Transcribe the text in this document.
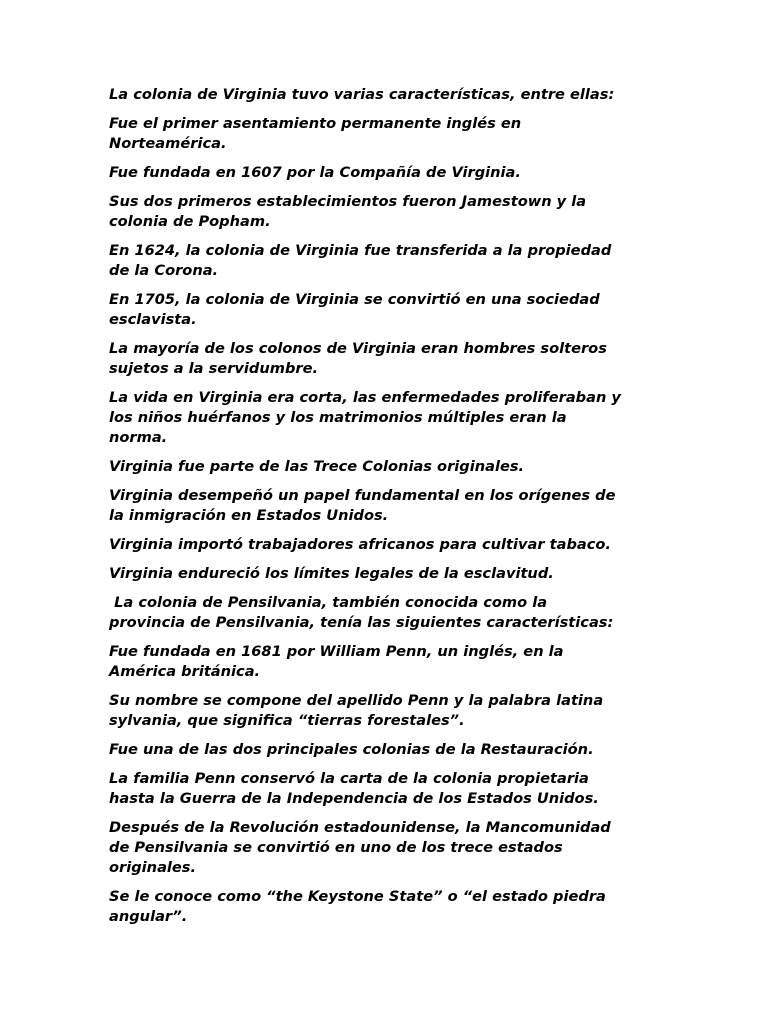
La colonia de Virginia tuvo varias características, entre ellas:

Fue el primer asentamiento permanente inglés en
Norteamérica.

Fue fundada en 1607 por la Compañía de Virginia.

Sus dos primeros establecimientos fueron Jamestown y la
colonia de Popham.

En 1624, la colonia de Virginia fue transferida a la propiedad
de la Corona.

En 1705, la colonia de Virginia se convirtió en una sociedad
esclavista.

La mayoría de los colonos de Virginia eran hombres solteros
sujetos a la servidumbre.

La vida en Virginia era corta, las enfermedades proliferaban y
los niños huérfanos y los matrimonios múltiples eran la
norma.

Virginia fue parte de las Trece Colonias originales.

Virginia desempeñó un papel fundamental en los orígenes de
la inmigración en Estados Unidos.

Virginia importó trabajadores africanos para cultivar tabaco.

Virginia endureció los límites legales de la esclavitud.

La colonia de Pensilvania, también conocida como la
provincia de Pensilvania, tenía las siguientes características:

Fue fundada en 1681 por William Penn, un inglés, en la
América británica.

Su nombre se compone del apellido Penn y la palabra latina
sylvania, que significa “tierras forestales”.

Fue una de las dos principales colonias de la Restauración.

La familia Penn conservó la carta de la colonia propietaria
hasta la Guerra de la Independencia de los Estados Unidos.

Después de la Revolución estadounidense, la Mancomunidad
de Pensilvania se convirtió en uno de los trece estados
originales.

Se le conoce como “the Keystone State” o “el estado piedra
angular”.
